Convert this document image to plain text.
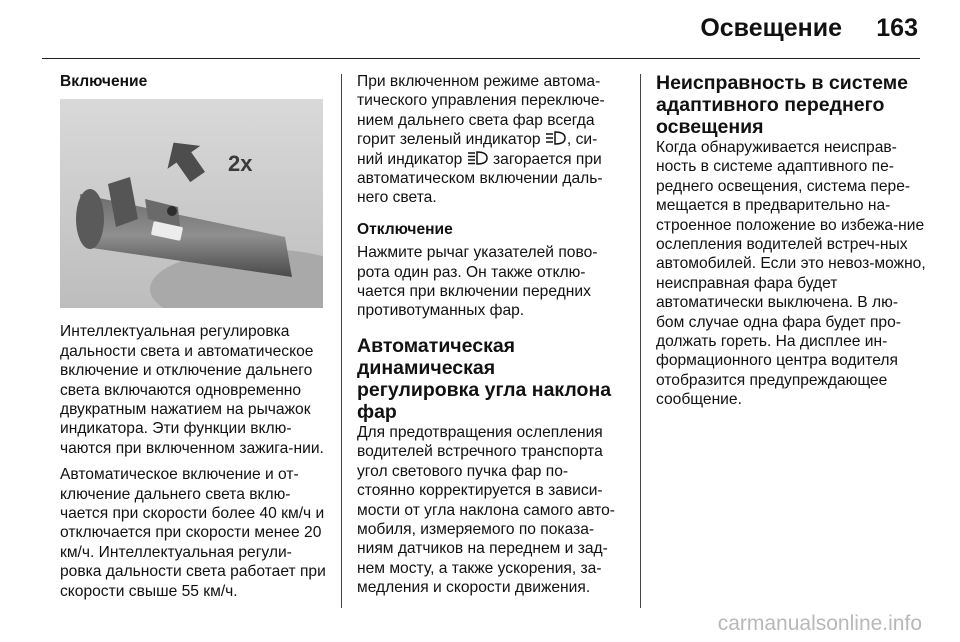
Освещение 163
Включение
2x

Интеллектуальная регулировка дальности света и автоматическое включение и отключение дальнего света включаются одновременно двукратным нажатием на рычажок индикатора. Эти функции вклю-чаются при включенном зажига-нии.

Автоматическое включение и от-ключение дальнего света вклю-чается при скорости более 40 км/ч и отключается при скорости менее 20 км/ч. Интеллектуальная регули-ровка дальности света работает при скорости свыше 55 км/ч.

При включенном режиме автома-тического управления переключе-нием дальнего света фар всегда горит зеленый индикатор , си-ний индикатор загорается при автоматическом включении даль-него света.

Отключение

Нажмите рычаг указателей пово-рота один раз. Он также отклю-чается при включении передних противотуманных фар.

Автоматическая динамическая регулировка угла наклона фар

Для предотвращения ослепления водителей встречного транспорта угол светового пучка фар по-стоянно корректируется в зависи-мости от угла наклона самого авто-мобиля, измеряемого по показа-ниям датчиков на переднем и зад-нем мосту, а также ускорения, за-медления и скорости движения.

Неисправность в системе адаптивного переднего освещения

Когда обнаруживается неисправ-ность в системе адаптивного пе-реднего освещения, система пере-мещается в предварительно на-строенное положение во избежа-ние ослепления водителей встреч-ных автомобилей. Если это невоз-можно, неисправная фара будет автоматически выключена. В лю-бом случае одна фара будет про-должать гореть. На дисплее ин-формационного центра водителя отобразится предупреждающее сообщение.

carmanualsonline.info
